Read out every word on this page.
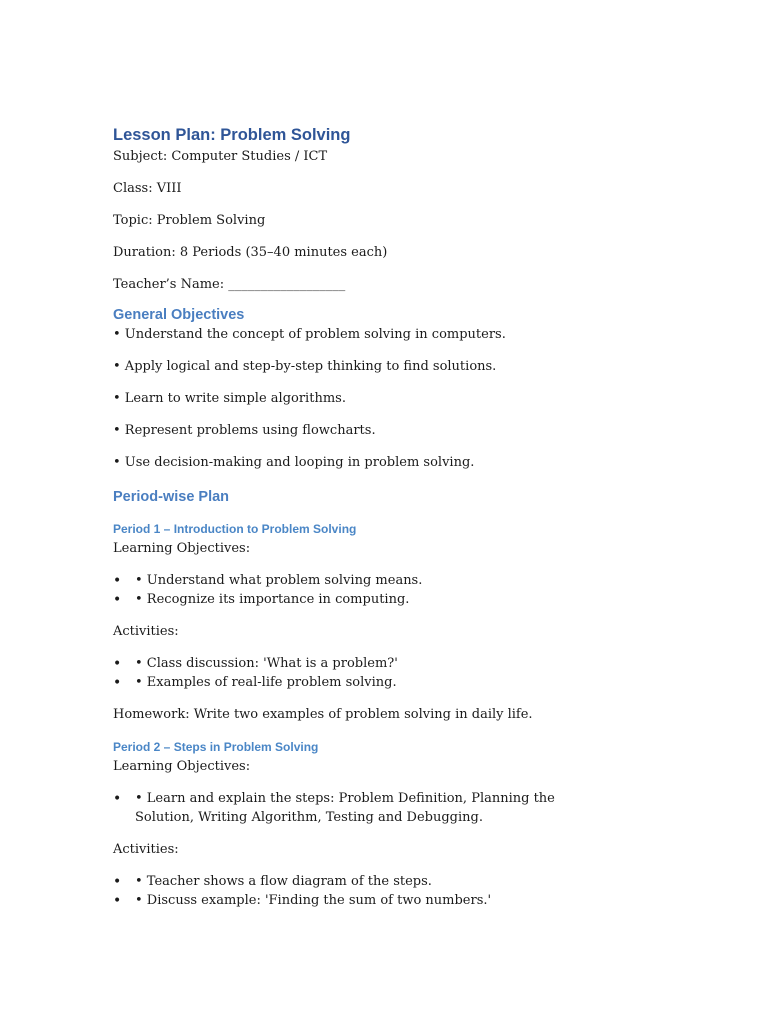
Lesson Plan: Problem Solving
Subject: Computer Studies / ICT
Class: VIII
Topic: Problem Solving
Duration: 8 Periods (35–40 minutes each)
Teacher’s Name: __________________
General Objectives
• Understand the concept of problem solving in computers.
• Apply logical and step-by-step thinking to find solutions.
• Learn to write simple algorithms.
• Represent problems using flowcharts.
• Use decision-making and looping in problem solving.
Period-wise Plan
Period 1 – Introduction to Problem Solving
Learning Objectives:
• • Understand what problem solving means.
• • Recognize its importance in computing.
Activities:
• • Class discussion: 'What is a problem?'
• • Examples of real-life problem solving.
Homework: Write two examples of problem solving in daily life.
Period 2 – Steps in Problem Solving
Learning Objectives:
• • Learn and explain the steps: Problem Definition, Planning the Solution, Writing Algorithm, Testing and Debugging.
Activities:
• • Teacher shows a flow diagram of the steps.
• • Discuss example: 'Finding the sum of two numbers.'
